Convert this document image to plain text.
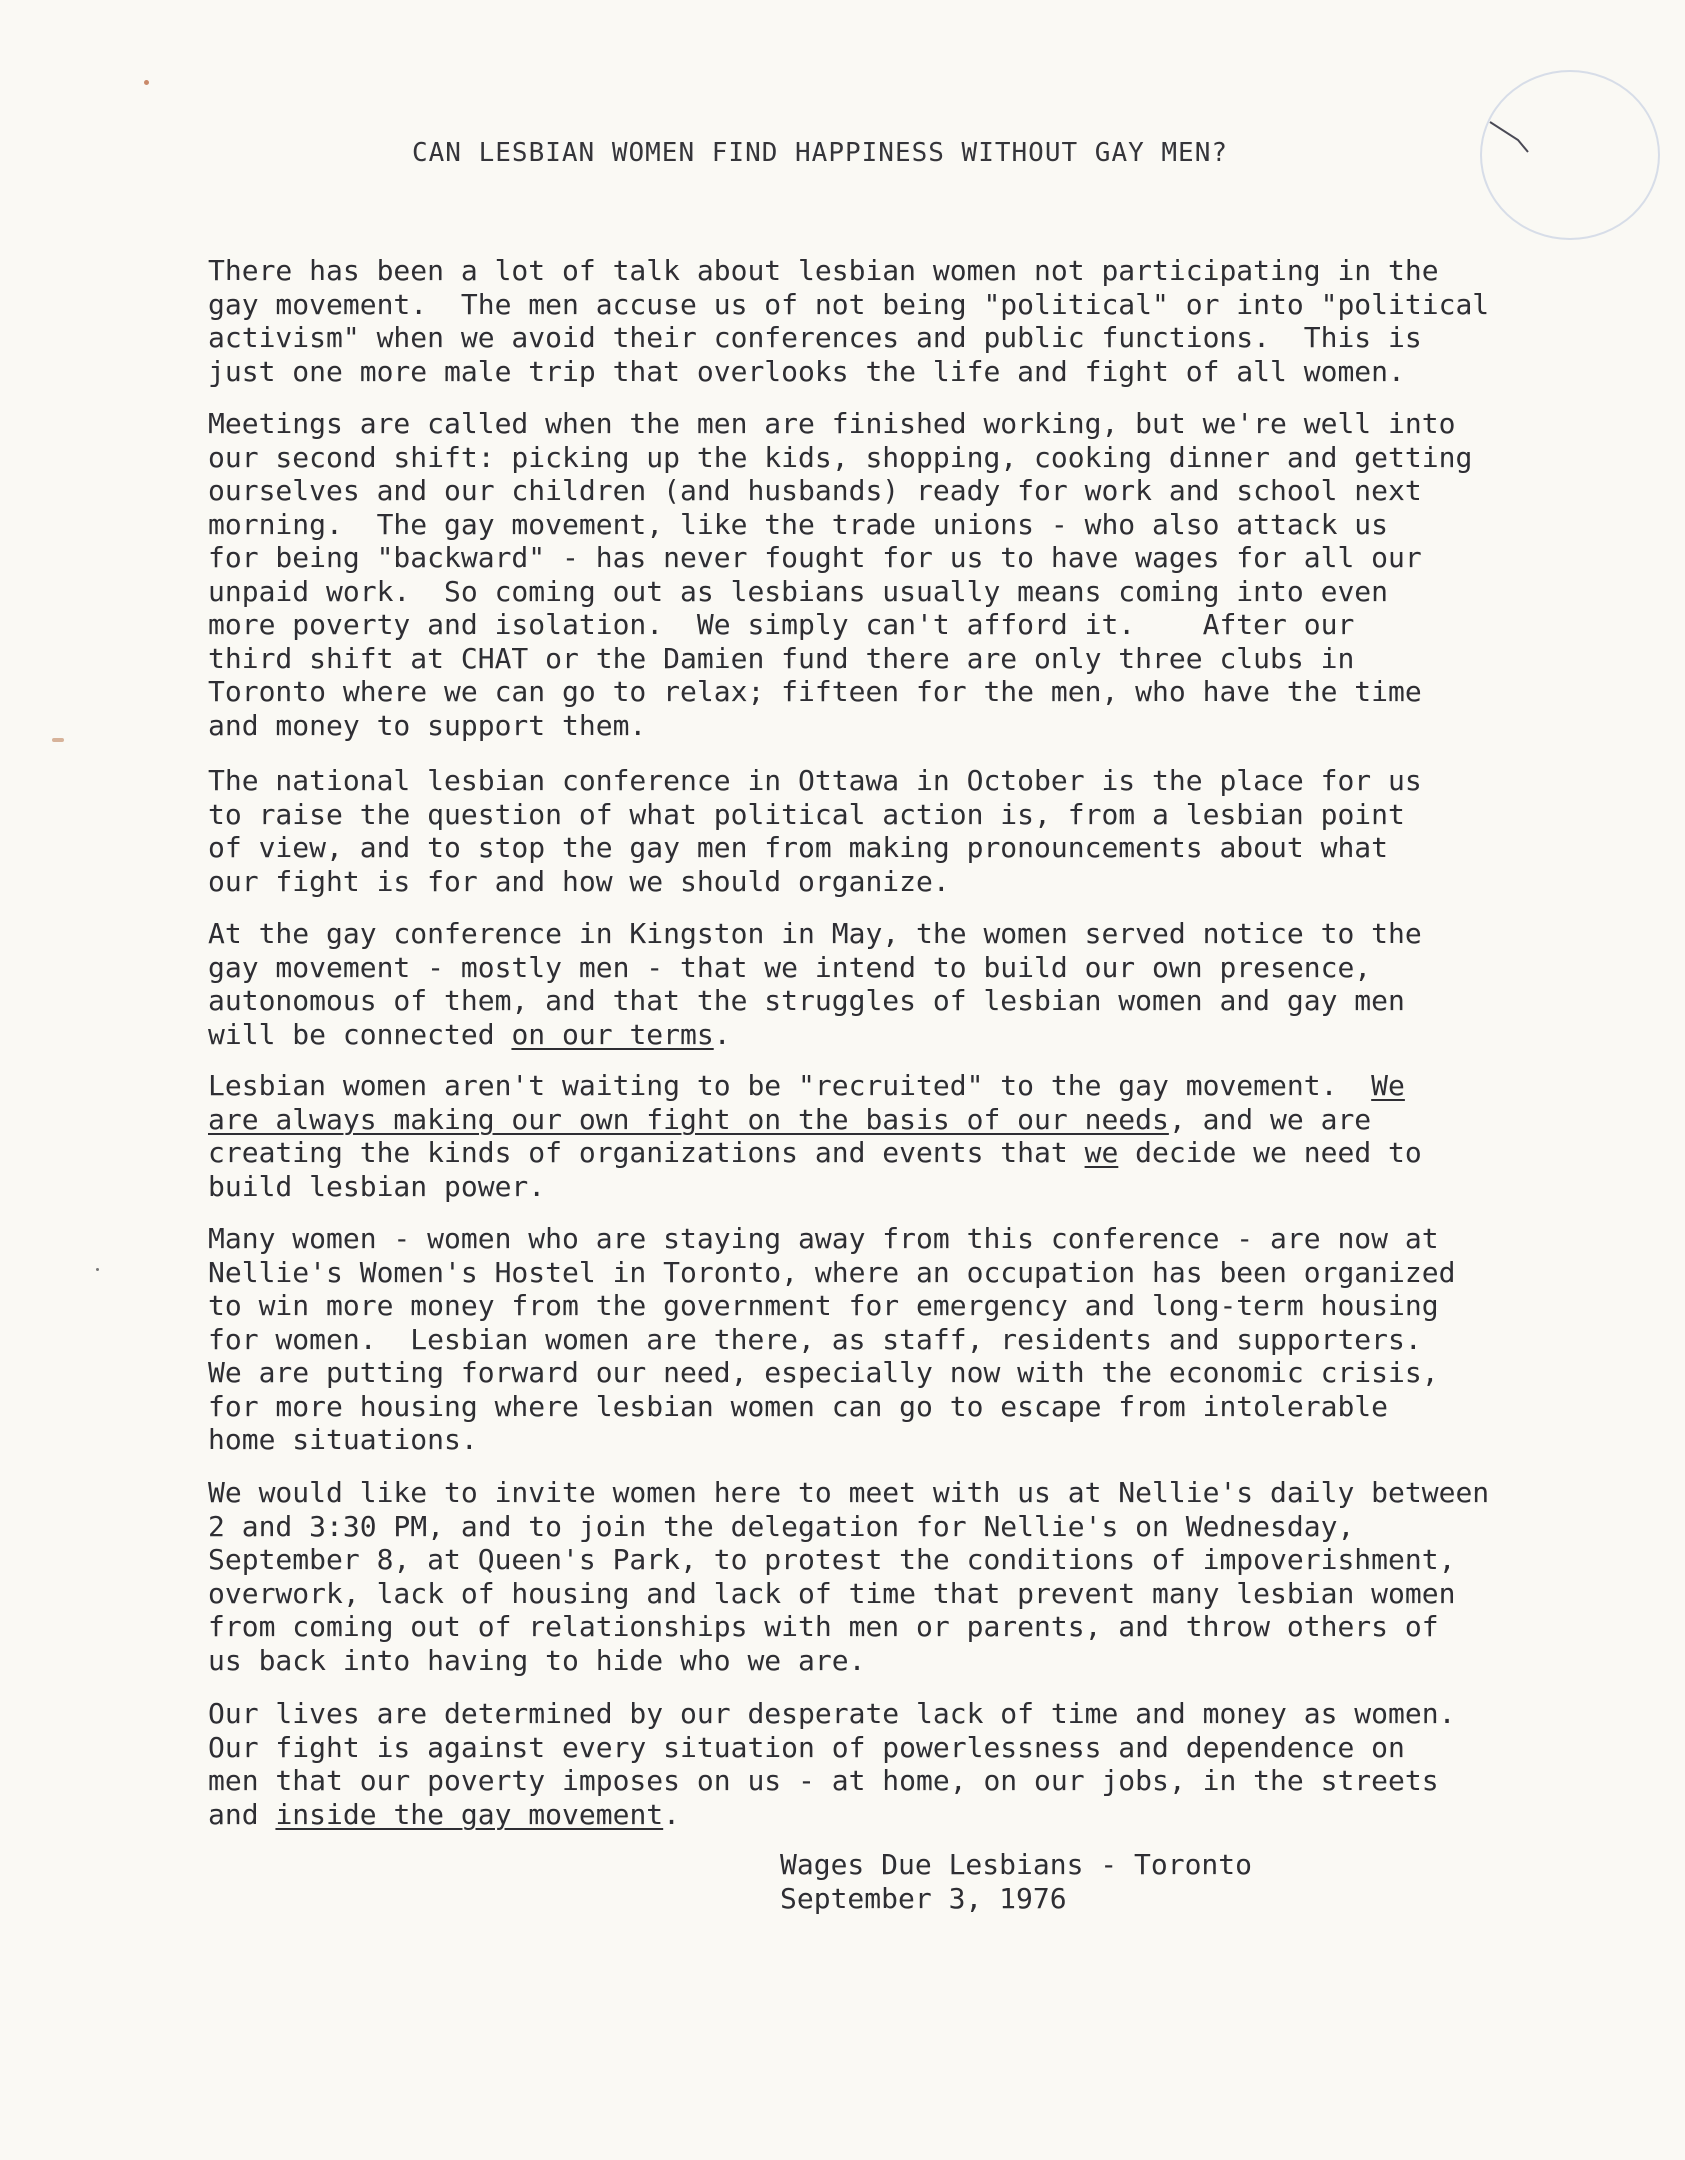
CAN LESBIAN WOMEN FIND HAPPINESS WITHOUT GAY MEN?

There has been a lot of talk about lesbian women not participating in the
gay movement.  The men accuse us of not being "political" or into "political
activism" when we avoid their conferences and public functions.  This is
just one more male trip that overlooks the life and fight of all women.

Meetings are called when the men are finished working, but we're well into
our second shift: picking up the kids, shopping, cooking dinner and getting
ourselves and our children (and husbands) ready for work and school next
morning.  The gay movement, like the trade unions - who also attack us
for being "backward" - has never fought for us to have wages for all our
unpaid work.  So coming out as lesbians usually means coming into even
more poverty and isolation.  We simply can't afford it.    After our
third shift at CHAT or the Damien fund there are only three clubs in
Toronto where we can go to relax; fifteen for the men, who have the time
and money to support them.

The national lesbian conference in Ottawa in October is the place for us
to raise the question of what political action is, from a lesbian point
of view, and to stop the gay men from making pronouncements about what
our fight is for and how we should organize.

At the gay conference in Kingston in May, the women served notice to the
gay movement - mostly men - that we intend to build our own presence,
autonomous of them, and that the struggles of lesbian women and gay men
will be connected on our terms.

Lesbian women aren't waiting to be "recruited" to the gay movement.  We
are always making our own fight on the basis of our needs, and we are
creating the kinds of organizations and events that we decide we need to
build lesbian power.

Many women - women who are staying away from this conference - are now at
Nellie's Women's Hostel in Toronto, where an occupation has been organized
to win more money from the government for emergency and long-term housing
for women.  Lesbian women are there, as staff, residents and supporters.
We are putting forward our need, especially now with the economic crisis,
for more housing where lesbian women can go to escape from intolerable
home situations.

We would like to invite women here to meet with us at Nellie's daily between
2 and 3:30 PM, and to join the delegation for Nellie's on Wednesday,
September 8, at Queen's Park, to protest the conditions of impoverishment,
overwork, lack of housing and lack of time that prevent many lesbian women
from coming out of relationships with men or parents, and throw others of
us back into having to hide who we are.

Our lives are determined by our desperate lack of time and money as women.
Our fight is against every situation of powerlessness and dependence on
men that our poverty imposes on us - at home, on our jobs, in the streets
and inside the gay movement.

Wages Due Lesbians - Toronto
September 3, 1976
